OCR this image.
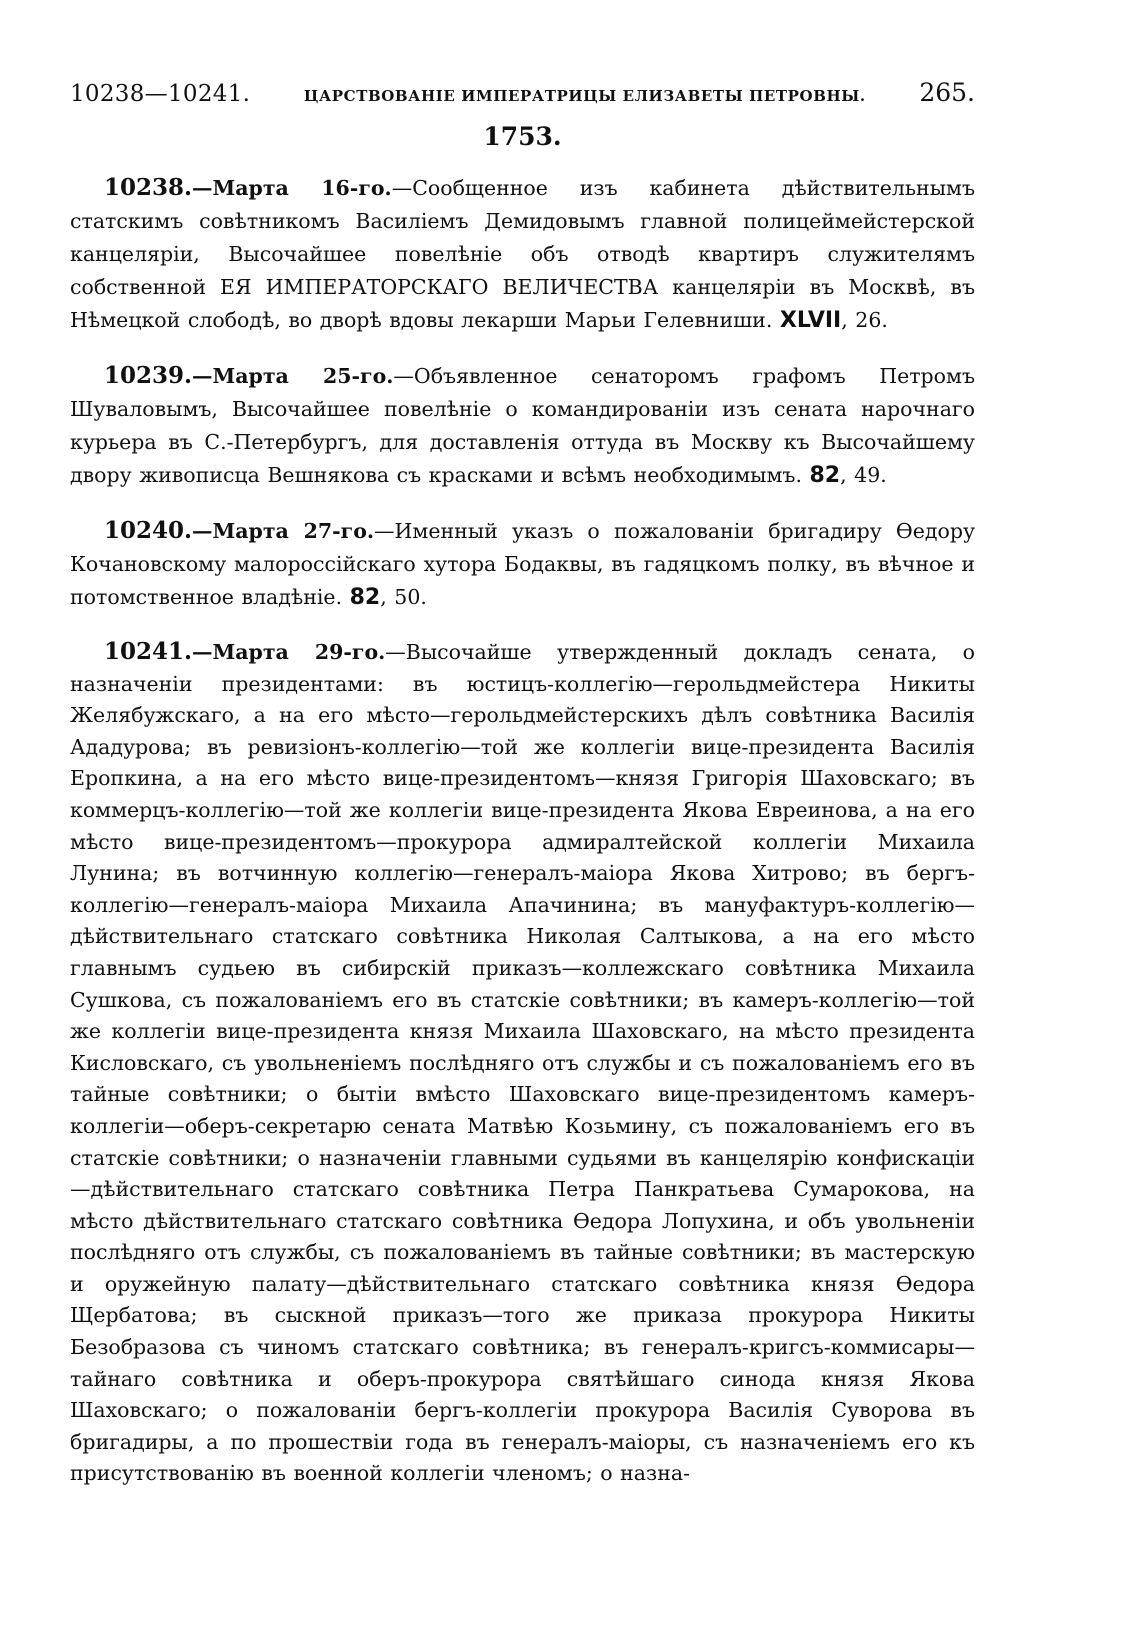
10238—10241.	ЦАРСТВОВАНІЕ ИМПЕРАТРИЦЫ ЕЛИЗАВЕТЫ ПЕТРОВНЫ. 265.
1753.

10238.—Марта 16-го.—Сообщенное изъ кабинета дѣйствительнымъ статскимъ совѣтникомъ Василіемъ Демидовымъ главной полицеймейстерской канцеляріи, Высочайшее повелѣніе объ отводѣ квартиръ служителямъ собственной ЕЯ ИМПЕРАТОРСКАГО ВЕЛИЧЕСТВА канцеляріи въ Москвѣ, въ Нѣмецкой слободѣ, во дворѣ вдовы лекарши Марьи Гелевниши. XLVII, 26.

10239.—Марта 25-го.—Объявленное сенаторомъ графомъ Петромъ Шуваловымъ, Высочайшее повелѣніе о командированіи изъ сената нарочнаго курьера въ С.-Петербургъ, для доставленія оттуда въ Москву къ Высочайшему двору живописца Вешнякова съ красками и всѣмъ необходимымъ. 82, 49.

10240.—Марта 27-го.—Именный указъ о пожалованіи бригадиру Ѳедору Кочановскому малороссійскаго хутора Бодаквы, въ гадяцкомъ полку, въ вѣчное и потомственное владѣніе. 82, 50.

10241.—Марта 29-го.—Высочайше утвержденный докладъ сената, о назначеніи президентами: въ юстицъ-коллегію—герольдмейстера Никиты Желябужскаго, а на его мѣсто—герольдмейстерскихъ дѣлъ совѣтника Василія Ададурова; въ ревизіонъ-коллегію—той же коллегіи вице-президента Василія Еропкина, а на его мѣсто вице-президентомъ—князя Григорія Шаховскаго; въ коммерцъ-коллегію—той же коллегіи вице-президента Якова Евреинова, а на его мѣсто вице-президентомъ—прокурора адмиралтейской коллегіи Михаила Лунина; въ вотчинную коллегію—генералъ-маіора Якова Хитрово; въ бергъ-коллегію—генералъ-маіора Михаила Апачинина; въ мануфактуръ-коллегію—дѣйствительнаго статскаго совѣтника Николая Салтыкова, а на его мѣсто главнымъ судьею въ сибирскій приказъ—коллежскаго совѣтника Михаила Сушкова, съ пожалованіемъ его въ статскіе совѣтники; въ камеръ-коллегію—той же коллегіи вице-президента князя Михаила Шаховскаго, на мѣсто президента Кисловскаго, съ увольненіемъ послѣдняго отъ службы и съ пожалованіемъ его въ тайные совѣтники; о бытіи вмѣсто Шаховскаго вице-президентомъ камеръ-коллегіи—оберъ-секретарю сената Матвѣю Козьмину, съ пожалованіемъ его въ статскіе совѣтники; о назначеніи главными судьями въ канцелярію конфискаціи—дѣйствительнаго статскаго совѣтника Петра Панкратьева Сумарокова, на мѣсто дѣйствительнаго статскаго совѣтника Ѳедора Лопухина, и объ увольненіи послѣдняго отъ службы, съ пожалованіемъ въ тайные совѣтники; въ мастерскую и оружейную палату—дѣйствительнаго статскаго совѣтника князя Ѳедора Щербатова; въ сыскной приказъ—того же приказа прокурора Никиты Безобразова съ чиномъ статскаго совѣтника; въ генералъ-кригсъ-коммисары—тайнаго совѣтника и оберъ-прокурора святѣйшаго синода князя Якова Шаховскаго; о пожалованіи бергъ-коллегіи прокурора Василія Суворова въ бригадиры, а по прошествіи года въ генералъ-маіоры, съ назначеніемъ его къ присутствованію въ военной коллегіи членомъ; о назна-
